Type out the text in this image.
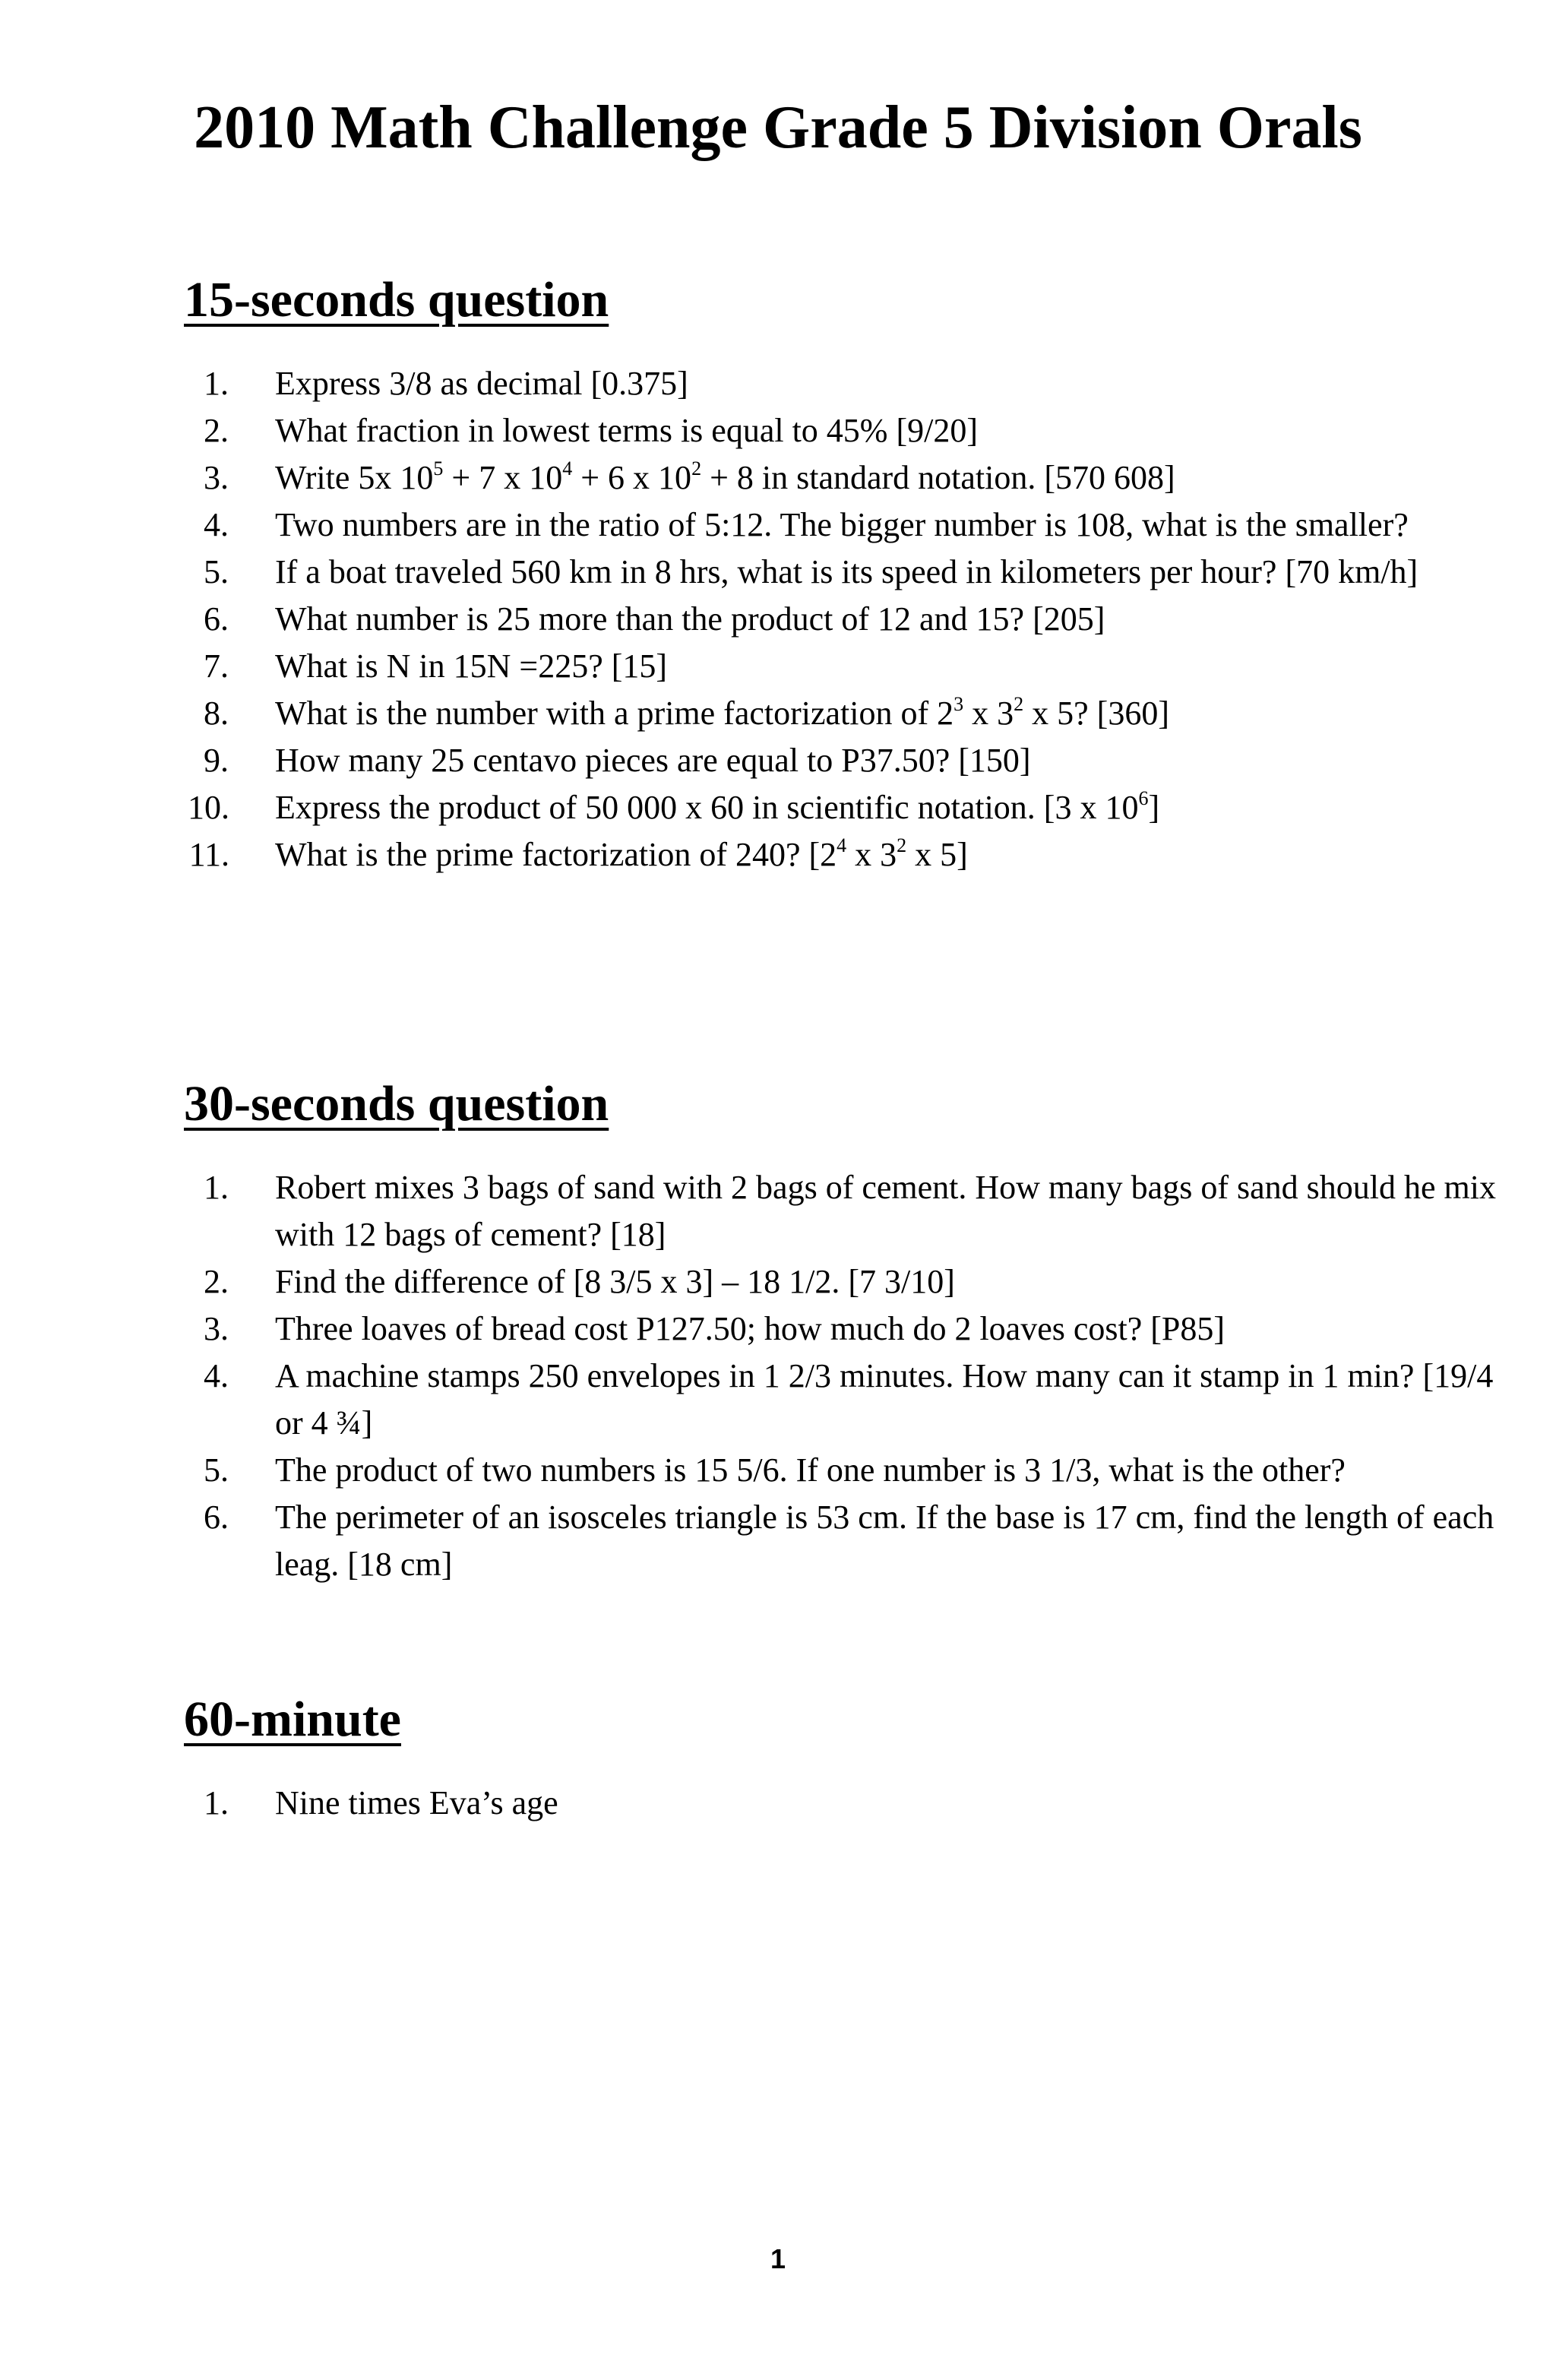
2010 Math Challenge Grade 5 Division Orals
15-seconds question
1. Express 3/8 as decimal [0.375]
2. What fraction in lowest terms is equal to 45% [9/20]
3. Write 5x $10^5 + 7$ x $10^4 + 6$ x $10^2 + 8$ in standard notation. [570 608]
4. Two numbers are in the ratio of 5:12. The bigger number is 108, what is the smaller?
5. If a boat traveled 560 km in 8 hrs, what is its speed in kilometers per hour? [70 km/h]
6. What number is 25 more than the product of 12 and 15? [205]
7. What is N in 15N =225? [15]
8. What is the number with a prime factorization of $2^3$ x $3^2$ x 5? [360]
9. How many 25 centavo pieces are equal to P37.50? [150]
10. Express the product of 50 000 x 60 in scientific notation. [3 x $10^6$]
11. What is the prime factorization of 240? [$2^4$ x $3^2$ x 5]
30-seconds question
1. Robert mixes 3 bags of sand with 2 bags of cement. How many bags of sand should he mix with 12 bags of cement? [18]
2. Find the difference of [8 3/5 x 3] – 18 1/2. [7 3/10]
3. Three loaves of bread cost P127.50; how much do 2 loaves cost? [P85]
4. A machine stamps 250 envelopes in 1 2/3 minutes. How many can it stamp in 1 min? [19/4 or 4 ¾]
5. The product of two numbers is 15 5/6. If one number is 3 1/3, what is the other?
6. The perimeter of an isosceles triangle is 53 cm. If the base is 17 cm, find the length of each leag. [18 cm]
60-minute
1. Nine times Eva’s age
1
